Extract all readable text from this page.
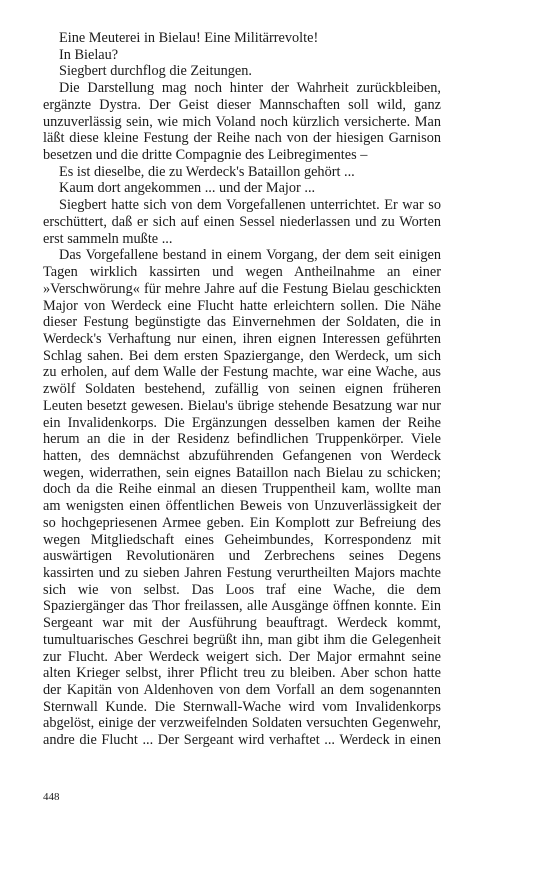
Eine Meuterei in Bielau! Eine Militärrevolte!

In Bielau?

Siegbert durchflog die Zeitungen.

Die Darstellung mag noch hinter der Wahrheit zurückbleiben, ergänzte Dystra. Der Geist dieser Mannschaften soll wild, ganz unzuverlässig sein, wie mich Voland noch kürzlich versicherte. Man läßt diese kleine Festung der Reihe nach von der hiesigen Garnison besetzen und die dritte Compagnie des Leibregimentes –

Es ist dieselbe, die zu Werdeck's Bataillon gehört ...

Kaum dort angekommen ... und der Major ...

Siegbert hatte sich von dem Vorgefallenen unterrichtet. Er war so erschüttert, daß er sich auf einen Sessel niederlassen und zu Worten erst sammeln mußte ...

Das Vorgefallene bestand in einem Vorgang, der dem seit einigen Tagen wirklich kassirten und wegen Antheilnahme an einer »Verschwörung« für mehre Jahre auf die Festung Bielau geschickten Major von Werdeck eine Flucht hatte erleichtern sollen. Die Nähe dieser Festung begünstigte das Einvernehmen der Soldaten, die in Werdeck's Verhaftung nur einen, ihren eignen Interessen geführten Schlag sahen. Bei dem ersten Spaziergange, den Werdeck, um sich zu erholen, auf dem Walle der Festung machte, war eine Wache, aus zwölf Soldaten bestehend, zufällig von seinen eignen früheren Leuten besetzt gewesen. Bielau's übrige stehende Besatzung war nur ein Invalidenkorps. Die Ergänzungen desselben kamen der Reihe herum an die in der Residenz befindlichen Truppenkörper. Viele hatten, des demnächst abzuführenden Gefangenen von Werdeck wegen, widerrathen, sein eignes Bataillon nach Bielau zu schicken; doch da die Reihe einmal an diesen Truppentheil kam, wollte man am wenigsten einen öffentlichen Beweis von Unzuverlässigkeit der so hochgepriesenen Armee geben. Ein Komplott zur Befreiung des wegen Mitgliedschaft eines Geheimbundes, Korrespondenz mit auswärtigen Revolutionären und Zerbrechens seines Degens kassirten und zu sieben Jahren Festung verurtheilten Majors machte sich wie von selbst. Das Loos traf eine Wache, die dem Spaziergänger das Thor freilassen, alle Ausgänge öffnen konnte. Ein Sergeant war mit der Ausführung beauftragt. Werdeck kommt, tumultuarisches Geschrei begrüßt ihn, man gibt ihm die Gelegenheit zur Flucht. Aber Werdeck weigert sich. Der Major ermahnt seine alten Krieger selbst, ihrer Pflicht treu zu bleiben. Aber schon hatte der Kapitän von Aldenhoven von dem Vorfall an dem sogenannten Sternwall Kunde. Die Sternwall-Wache wird vom Invalidenkorps abgelöst, einige der verzweifelnden Soldaten versuchten Gegenwehr, andre die Flucht ... Der Sergeant wird verhaftet ... Werdeck in einen

448
